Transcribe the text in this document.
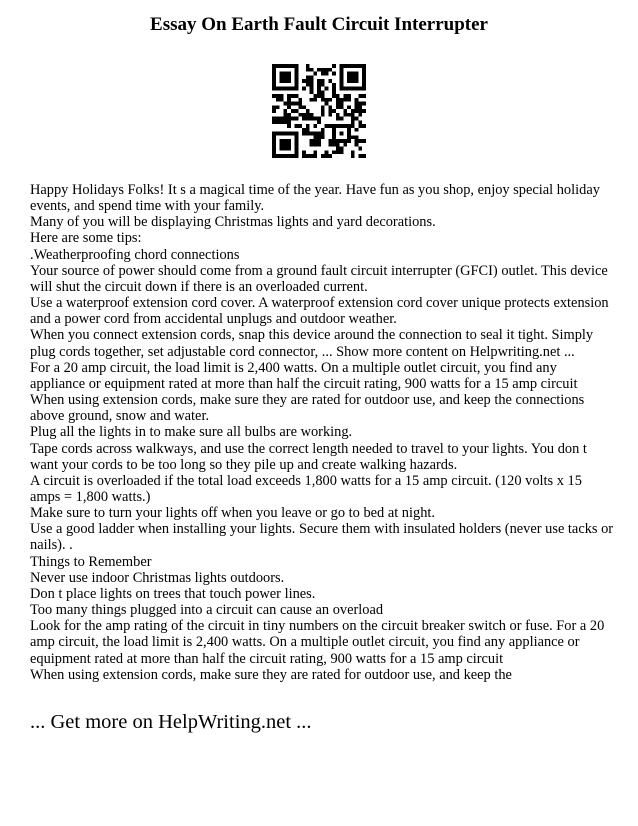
Essay On Earth Fault Circuit Interrupter

Happy Holidays Folks! It s a magical time of the year. Have fun as you shop, enjoy special holiday events, and spend time with your family.

Many of you will be displaying Christmas lights and yard decorations.

Here are some tips:

.Weatherproofing chord connections

Your source of power should come from a ground fault circuit interrupter (GFCI) outlet. This device will shut the circuit down if there is an overloaded current.

Use a waterproof extension cord cover. A waterproof extension cord cover unique protects extension and a power cord from accidental unplugs and outdoor weather.

When you connect extension cords, snap this device around the connection to seal it tight. Simply plug cords together, set adjustable cord connector, ... Show more content on Helpwriting.net ...

For a 20 amp circuit, the load limit is 2,400 watts. On a multiple outlet circuit, you find any appliance or equipment rated at more than half the circuit rating, 900 watts for a 15 amp circuit

When using extension cords, make sure they are rated for outdoor use, and keep the connections above ground, snow and water.

Plug all the lights in to make sure all bulbs are working.

Tape cords across walkways, and use the correct length needed to travel to your lights. You don t want your cords to be too long so they pile up and create walking hazards.

A circuit is overloaded if the total load exceeds 1,800 watts for a 15 amp circuit. (120 volts x 15 amps = 1,800 watts.)

Make sure to turn your lights off when you leave or go to bed at night.

Use a good ladder when installing your lights. Secure them with insulated holders (never use tacks or nails). .

Things to Remember

Never use indoor Christmas lights outdoors.

Don t place lights on trees that touch power lines.

Too many things plugged into a circuit can cause an overload

Look for the amp rating of the circuit in tiny numbers on the circuit breaker switch or fuse. For a 20 amp circuit, the load limit is 2,400 watts. On a multiple outlet circuit, you find any appliance or equipment rated at more than half the circuit rating, 900 watts for a 15 amp circuit

When using extension cords, make sure they are rated for outdoor use, and keep the

... Get more on HelpWriting.net ...
